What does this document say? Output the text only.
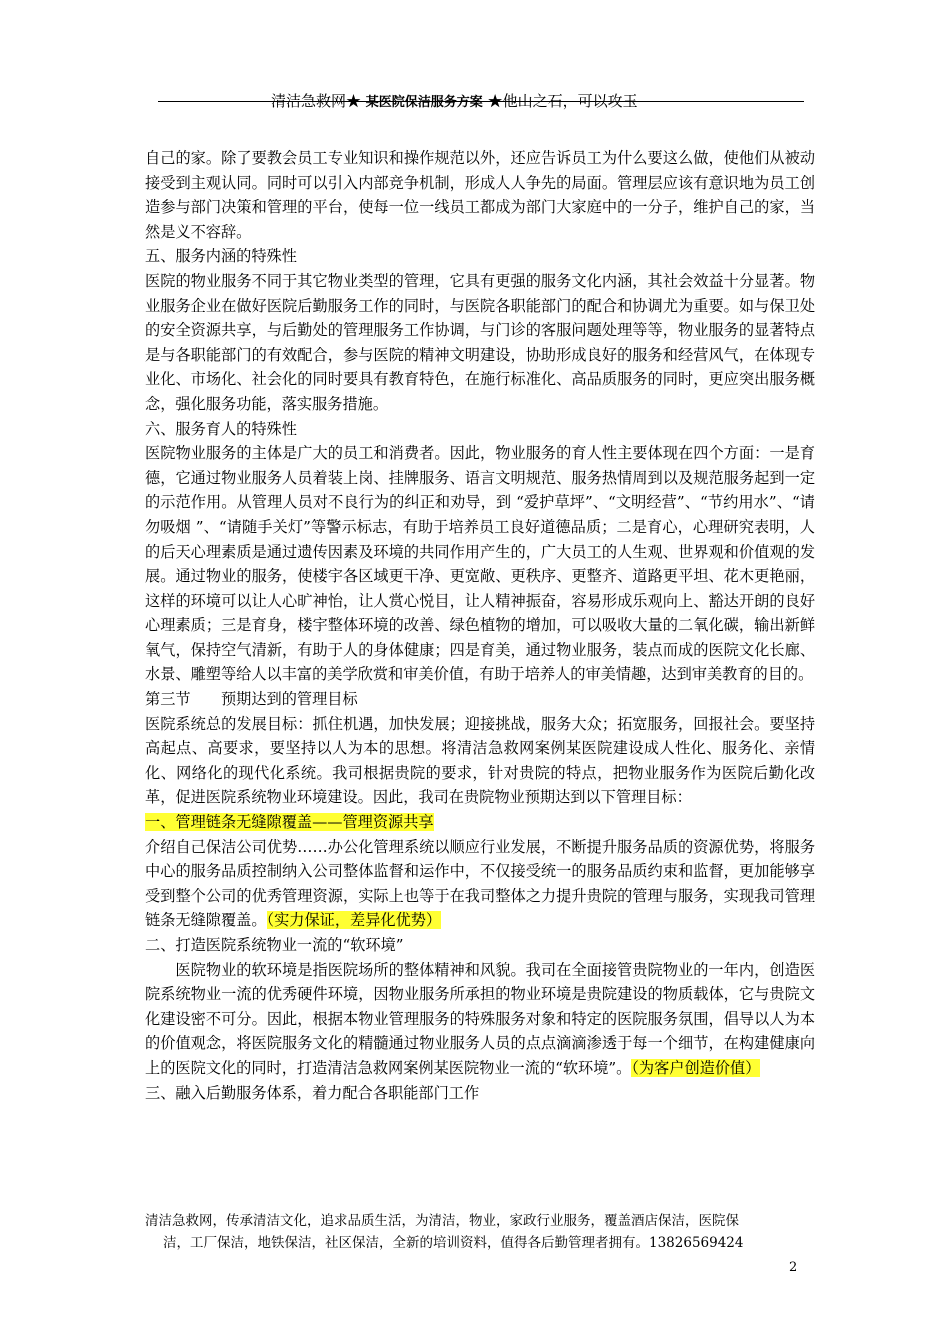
清洁急救网★ 某医院保洁服务方案 ★他山之石，可以攻玉

自己的家。除了要教会员工专业知识和操作规范以外，还应告诉员工为什么要这么做，使他们从被动接受到主观认同。同时可以引入内部竞争机制，形成人人争先的局面。管理层应该有意识地为员工创造参与部门决策和管理的平台，使每一位一线员工都成为部门大家庭中的一分子，维护自己的家，当然是义不容辞。

五、服务内涵的特殊性

医院的物业服务不同于其它物业类型的管理，它具有更强的服务文化内涵，其社会效益十分显著。物业服务企业在做好医院后勤服务工作的同时，与医院各职能部门的配合和协调尤为重要。如与保卫处的安全资源共享，与后勤处的管理服务工作协调，与门诊的客服问题处理等等，物业服务的显著特点是与各职能部门的有效配合，参与医院的精神文明建设，协助形成良好的服务和经营风气，在体现专业化、市场化、社会化的同时要具有教育特色，在施行标准化、高品质服务的同时，更应突出服务概念，强化服务功能，落实服务措施。

六、服务育人的特殊性

医院物业服务的主体是广大的员工和消费者。因此，物业服务的育人性主要体现在四个方面：一是育德，它通过物业服务人员着装上岗、挂牌服务、语言文明规范、服务热情周到以及规范服务起到一定的示范作用。从管理人员对不良行为的纠正和劝导，到 “爱护草坪”、“文明经营”、“节约用水”、“请勿吸烟 ”、“请随手关灯”等警示标志，有助于培养员工良好道德品质；二是育心，心理研究表明，人的后天心理素质是通过遗传因素及环境的共同作用产生的，广大员工的人生观、世界观和价值观的发展。通过物业的服务，使楼宇各区域更干净、更宽敞、更秩序、更整齐、道路更平坦、花木更艳丽，这样的环境可以让人心旷神怡，让人赏心悦目，让人精神振奋，容易形成乐观向上、豁达开朗的良好心理素质；三是育身，楼宇整体环境的改善、绿色植物的增加，可以吸收大量的二氧化碳，输出新鲜氧气，保持空气清新，有助于人的身体健康；四是育美，通过物业服务，装点而成的医院文化长廊、水景、雕塑等给人以丰富的美学欣赏和审美价值，有助于培养人的审美情趣，达到审美教育的目的。

第三节　　预期达到的管理目标

医院系统总的发展目标：抓住机遇，加快发展；迎接挑战，服务大众；拓宽服务，回报社会。要坚持高起点、高要求，要坚持以人为本的思想。将清洁急救网案例某医院建设成人性化、服务化、亲情化、网络化的现代化系统。我司根据贵院的要求，针对贵院的特点，把物业服务作为医院后勤化改革，促进医院系统物业环境建设。因此，我司在贵院物业预期达到以下管理目标：

一、管理链条无缝隙覆盖——管理资源共享

介绍自己保洁公司优势……办公化管理系统以顺应行业发展，不断提升服务品质的资源优势，将服务中心的服务品质控制纳入公司整体监督和运作中，不仅接受统一的服务品质约束和监督，更加能够享受到整个公司的优秀管理资源，实际上也等于在我司整体之力提升贵院的管理与服务，实现我司管理链条无缝隙覆盖。（实力保证，差异化优势）

二、打造医院系统物业一流的“软环境”

医院物业的软环境是指医院场所的整体精神和风貌。我司在全面接管贵院物业的一年内，创造医院系统物业一流的优秀硬件环境，因物业服务所承担的物业环境是贵院建设的物质载体，它与贵院文化建设密不可分。因此，根据本物业管理服务的特殊服务对象和特定的医院服务氛围，倡导以人为本的价值观念，将医院服务文化的精髓通过物业服务人员的点点滴滴渗透于每一个细节，在构建健康向上的医院文化的同时，打造清洁急救网案例某医院物业一流的“软环境”。（为客户创造价值）

三、融入后勤服务体系，着力配合各职能部门工作

清洁急救网，传承清洁文化，追求品质生活，为清洁，物业，家政行业服务，覆盖酒店保洁，医院保

洁，工厂保洁，地铁保洁，社区保洁，全新的培训资料，值得各后勤管理者拥有。13826569424

2
